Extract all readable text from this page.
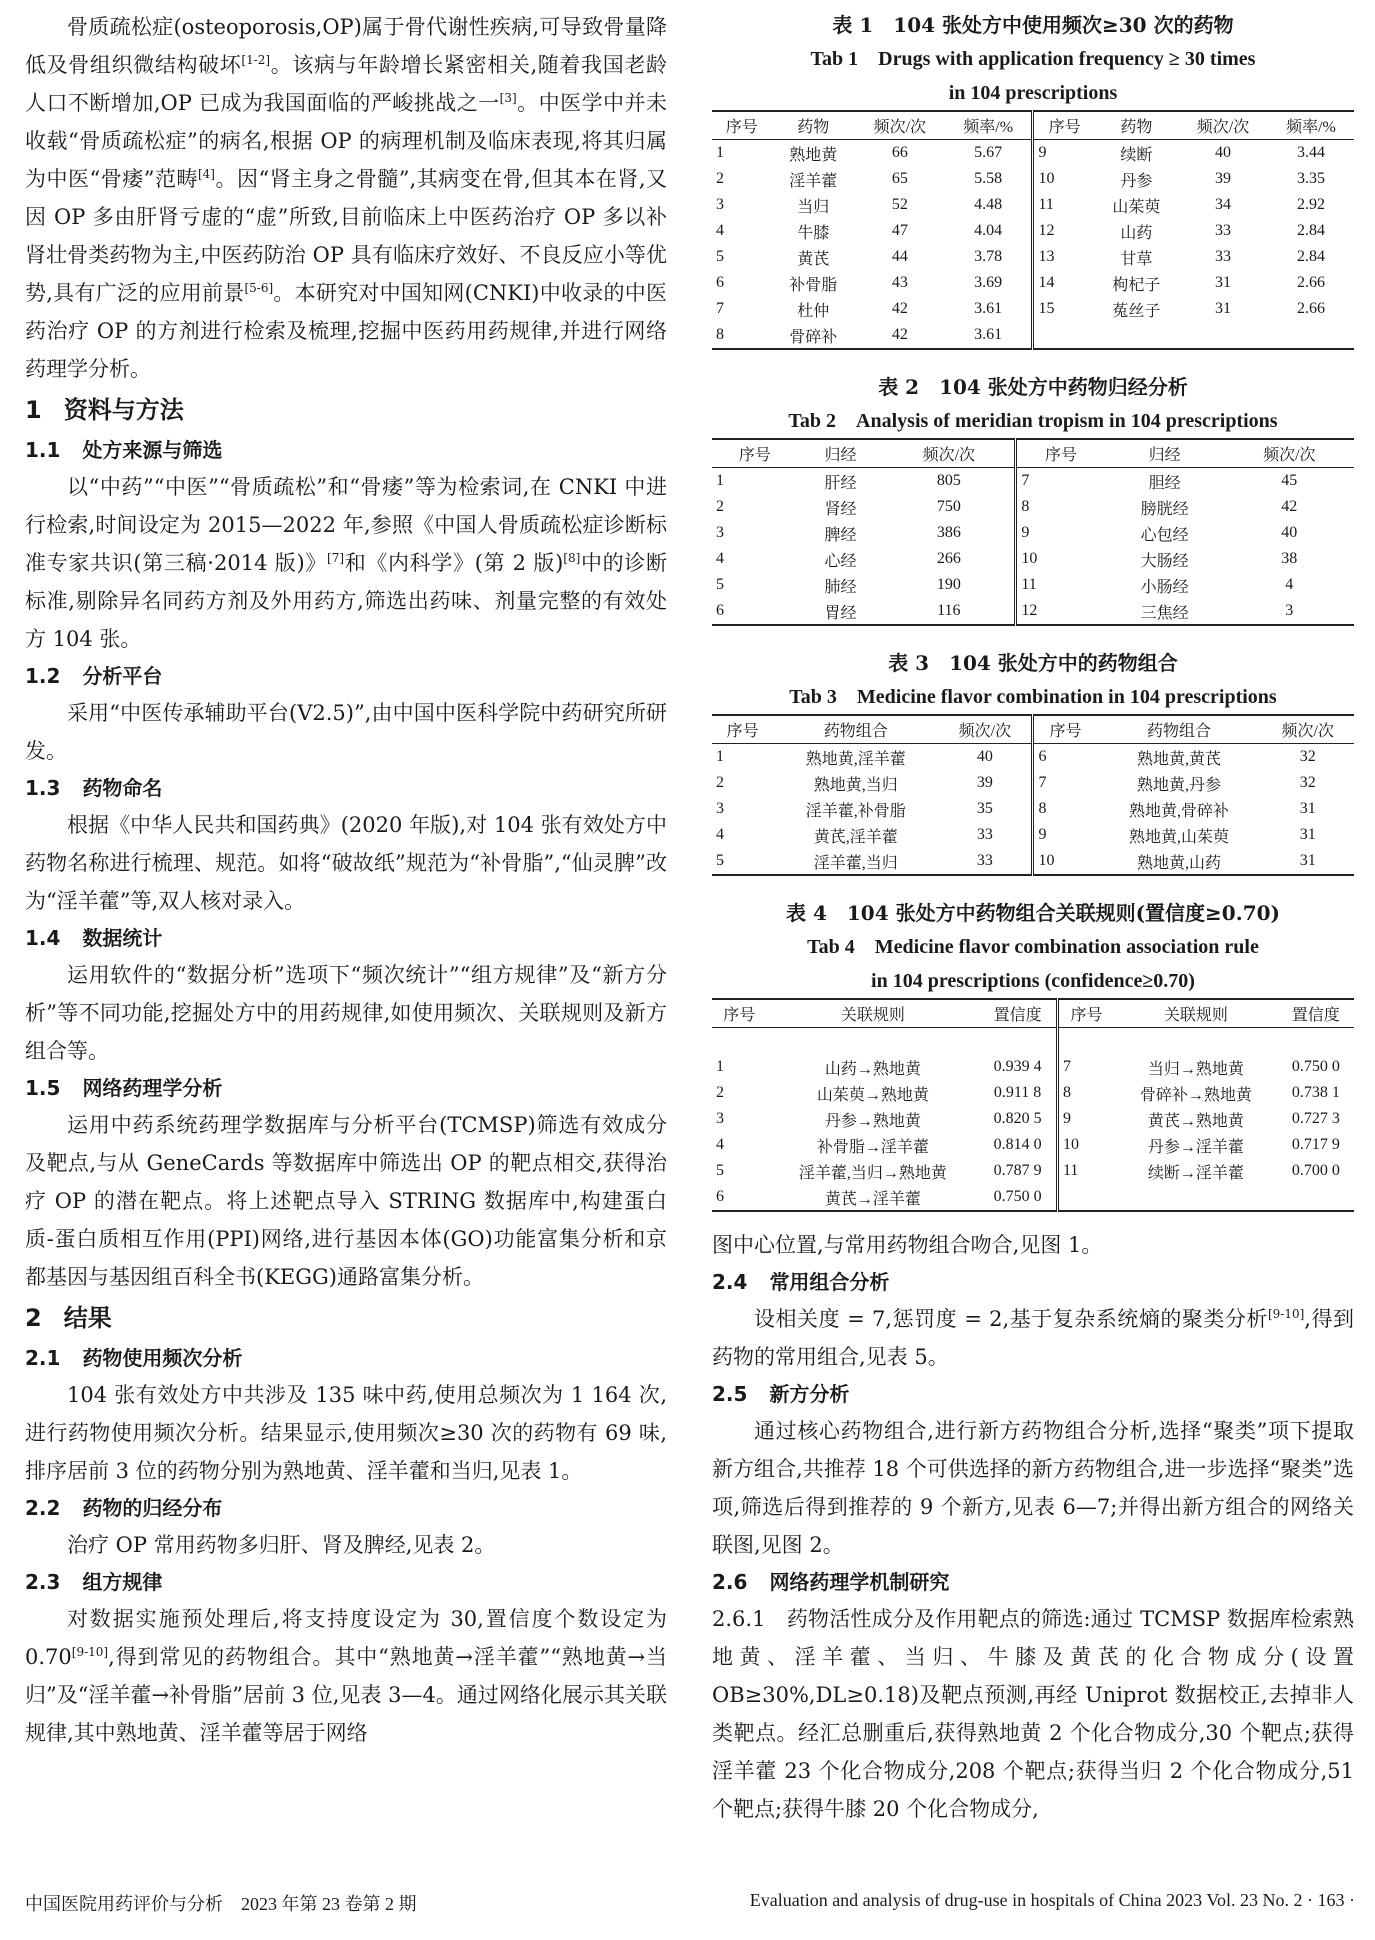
骨质疏松症(osteoporosis,OP)属于骨代谢性疾病,可导致骨量降低及骨组织微结构破坏[1-2]。该病与年龄增长紧密相关,随着我国老龄人口不断增加,OP 已成为我国面临的严峻挑战之一[3]。中医学中并未收载“骨质疏松症”的病名,根据 OP 的病理机制及临床表现,将其归属为中医“骨痿”范畴[4]。因“肾主身之骨髓”,其病变在骨,但其本在肾,又因 OP 多由肝肾亏虚的“虚”所致,目前临床上中医药治疗 OP 多以补肾壮骨类药物为主,中医药防治 OP 具有临床疗效好、不良反应小等优势,具有广泛的应用前景[5-6]。本研究对中国知网(CNKI)中收录的中医药治疗 OP 的方剂进行检索及梳理,挖掘中医药用药规律,并进行网络药理学分析。

1 资料与方法
1.1 处方来源与筛选

以“中药”“中医”“骨质疏松”和“骨痿”等为检索词,在 CNKI 中进行检索,时间设定为 2015—2022 年,参照《中国人骨质疏松症诊断标准专家共识(第三稿·2014 版)》[7]和《内科学》(第 2 版)[8]中的诊断标准,剔除异名同药方剂及外用药方,筛选出药味、剂量完整的有效处方 104 张。

1.2 分析平台

采用“中医传承辅助平台(V2.5)”,由中国中医科学院中药研究所研发。

1.3 药物命名

根据《中华人民共和国药典》(2020 年版),对 104 张有效处方中药物名称进行梳理、规范。如将“破故纸”规范为“补骨脂”,“仙灵脾”改为“淫羊藿”等,双人核对录入。

1.4 数据统计

运用软件的“数据分析”选项下“频次统计”“组方规律”及“新方分析”等不同功能,挖掘处方中的用药规律,如使用频次、关联规则及新方组合等。

1.5 网络药理学分析

运用中药系统药理学数据库与分析平台(TCMSP)筛选有效成分及靶点,与从 GeneCards 等数据库中筛选出 OP 的靶点相交,获得治疗 OP 的潜在靶点。将上述靶点导入 STRING 数据库中,构建蛋白质-蛋白质相互作用(PPI)网络,进行基因本体(GO)功能富集分析和京都基因与基因组百科全书(KEGG)通路富集分析。

2 结果
2.1 药物使用频次分析

104 张有效处方中共涉及 135 味中药,使用总频次为 1 164 次,进行药物使用频次分析。结果显示,使用频次≥30 次的药物有 69 味,排序居前 3 位的药物分别为熟地黄、淫羊藿和当归,见表 1。

2.2 药物的归经分布

治疗 OP 常用药物多归肝、肾及脾经,见表 2。

2.3 组方规律

对数据实施预处理后,将支持度设定为 30,置信度个数设定为 0.70[9-10],得到常见的药物组合。其中“熟地黄→淫羊藿”“熟地黄→当归”及“淫羊藿→补骨脂”居前 3 位,见表 3—4。通过网络化展示其关联规律,其中熟地黄、淫羊藿等居于网络

表 1　104 张处方中使用频次≥30 次的药物
Tab 1　Drugs with application frequency ≥ 30 times
in 104 prescriptions
序号	药物	频次/次	频率/%	序号	药物	频次/次	频率/%
1	熟地黄	66	5.67	9	续断	40	3.44
2	淫羊藿	65	5.58	10	丹参	39	3.35
3	当归	52	4.48	11	山茱萸	34	2.92
4	牛膝	47	4.04	12	山药	33	2.84
5	黄芪	44	3.78	13	甘草	33	2.84
6	补骨脂	43	3.69	14	枸杞子	31	2.66
7	杜仲	42	3.61	15	菟丝子	31	2.66
8	骨碎补	42	3.61				
表 2　104 张处方中药物归经分析
Tab 2　Analysis of meridian tropism in 104 prescriptions
序号	归经	频次/次	序号	归经	频次/次
1	肝经	805	7	胆经	45
2	肾经	750	8	膀胱经	42
3	脾经	386	9	心包经	40
4	心经	266	10	大肠经	38
5	肺经	190	11	小肠经	4
6	胃经	116	12	三焦经	3
表 3　104 张处方中的药物组合
Tab 3　Medicine flavor combination in 104 prescriptions
序号	药物组合	频次/次	序号	药物组合	频次/次
1	熟地黄,淫羊藿	40	6	熟地黄,黄芪	32
2	熟地黄,当归	39	7	熟地黄,丹参	32
3	淫羊藿,补骨脂	35	8	熟地黄,骨碎补	31
4	黄芪,淫羊藿	33	9	熟地黄,山茱萸	31
5	淫羊藿,当归	33	10	熟地黄,山药	31
表 4　104 张处方中药物组合关联规则(置信度≥0.70)
Tab 4　Medicine flavor combination association rule
in 104 prescriptions (confidence≥0.70)
序号	关联规则	置信度	序号	关联规则	置信度

1	山药→熟地黄	0.939 4	7	当归→熟地黄	0.750 0
2	山茱萸→熟地黄	0.911 8	8	骨碎补→熟地黄	0.738 1
3	丹参→熟地黄	0.820 5	9	黄芪→熟地黄	0.727 3
4	补骨脂→淫羊藿	0.814 0	10	丹参→淫羊藿	0.717 9
5	淫羊藿,当归→熟地黄	0.787 9	11	续断→淫羊藿	0.700 0
6	黄芪→淫羊藿	0.750 0			

图中心位置,与常用药物组合吻合,见图 1。

2.4 常用组合分析

设相关度 = 7,惩罚度 = 2,基于复杂系统熵的聚类分析[9-10],得到药物的常用组合,见表 5。

2.5 新方分析

通过核心药物组合,进行新方药物组合分析,选择“聚类”项下提取新方组合,共推荐 18 个可供选择的新方药物组合,进一步选择“聚类”选项,筛选后得到推荐的 9 个新方,见表 6—7;并得出新方组合的网络关联图,见图 2。

2.6 网络药理学机制研究

2.6.1　药物活性成分及作用靶点的筛选:通过 TCMSP 数据库检索熟地黄、淫羊藿、当归、牛膝及黄芪的化合物成分(设置 OB≥30%,DL≥0.18)及靶点预测,再经 Uniprot 数据校正,去掉非人类靶点。经汇总删重后,获得熟地黄 2 个化合物成分,30 个靶点;获得淫羊藿 23 个化合物成分,208 个靶点;获得当归 2 个化合物成分,51 个靶点;获得牛膝 20 个化合物成分,

中国医院用药评价与分析　2023 年第 23 卷第 2 期	Evaluation and analysis of drug-use in hospitals of China 2023 Vol. 23 No. 2 · 163 ·
